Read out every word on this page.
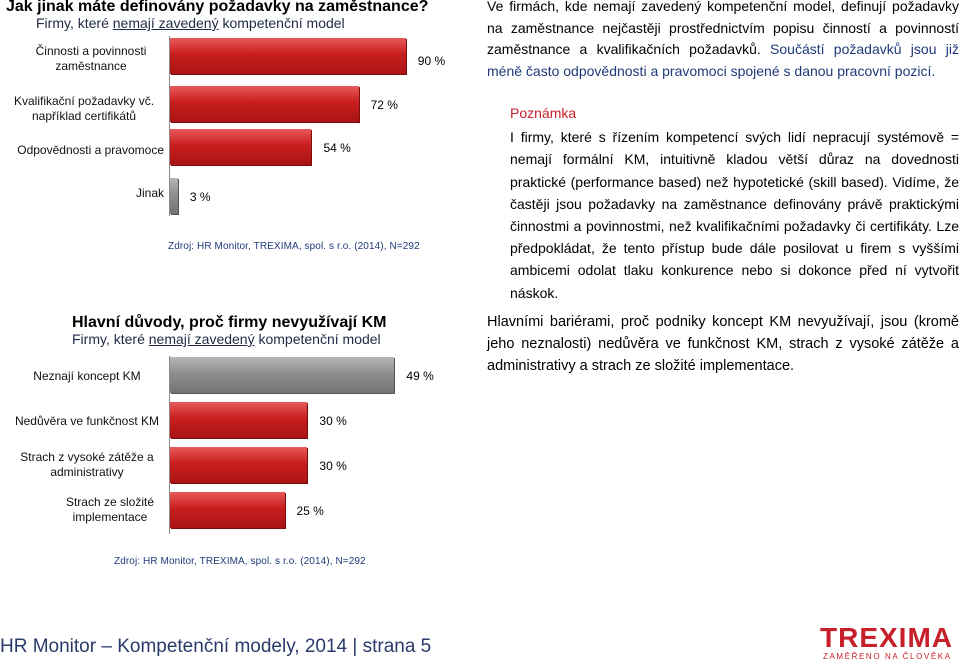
Jak jinak máte definovány požadavky na zaměstnance?
Firmy, které nemají zavedený kompetenční model
Činnosti a povinnosti zaměstnance
Kvalifikační požadavky vč. například certifikátů
Odpovědnosti a pravomoce
Jinak
90 %
72 %
54 %
3 %
Zdroj: HR Monitor, TREXIMA, spol. s r.o. (2014), N=292
Hlavní důvody, proč firmy nevyužívají KM
Firmy, které nemají zavedený kompetenční model
Neznají koncept KM
Nedůvěra ve funkčnost KM
Strach z vysoké zátěže a administrativy
Strach ze složité implementace
49 %
30 %
30 %
25 %
Zdroj: HR Monitor, TREXIMA, spol. s r.o. (2014), N=292
Ve firmách, kde nemají zavedený kompetenční model, definují požadavky na zaměstnance nejčastěji prostřednictvím popisu činností a povinností zaměstnance a kvalifikačních požadavků. Součástí požadavků jsou již méně často odpovědnosti a pravomoci spojené s danou pracovní pozicí.
Poznámka
I firmy, které s řízením kompetencí svých lidí nepracují systémově = nemají formální KM, intuitivně kladou větší důraz na dovednosti praktické (performance based) než hypotetické (skill based). Vidíme, že častěji jsou požadavky na zaměstnance definovány právě praktickými činnostmi a povinnostmi, než kvalifikačními požadavky či certifikáty. Lze předpokládat, že tento přístup bude dále posilovat u firem s vyššími ambicemi odolat tlaku konkurence nebo si dokonce před ní vytvořit náskok.
Hlavními bariérami, proč podniky koncept KM nevyužívají, jsou (kromě jeho neznalosti) nedůvěra ve funkčnost KM, strach z vysoké zátěže a administrativy a strach ze složité implementace.
HR Monitor – Kompetenční modely, 2014 | strana 5	TREXIMA
ZAMĚŘENO NA ČLOVĚKA
